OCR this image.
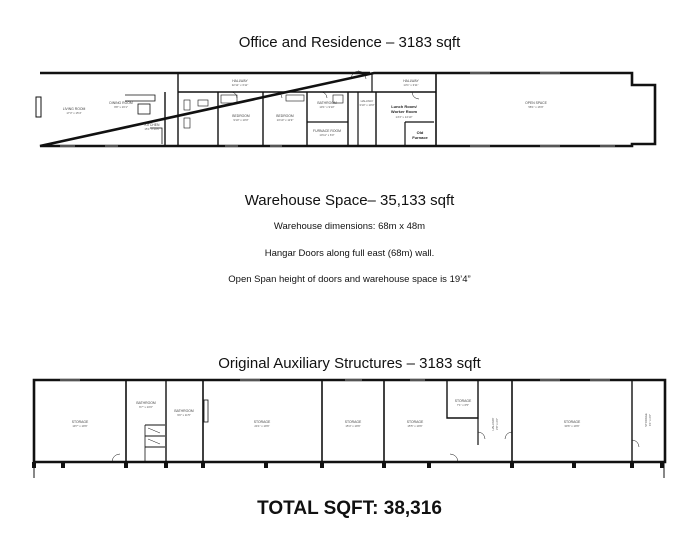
Office and Residence – 3183 sqft
Warehouse Space– 35,133 sqft
Warehouse dimensions: 68m x 48m
Hangar Doors along full east (68m) wall.
Open Span height of doors and warehouse space is 19’4”
Original Auxiliary Structures – 3183 sqft
TOTAL SQFT: 38,316
LIVING ROOM
17'3" x 15'4"
DINING ROOM
9'8" x 16'1"
KITCHEN
15'1" x 14'5"
HALLWAY
32'11" x 3'11"
BEDROOM
9'10" x 10'0"
BEDROOM
10'10" x 11'9"
BATHROOM
10'1" x 9'10"
FURNACE ROOM
10'11" x 6'0"
HALLWAY
3'10" x 10'0"
HALLWAY
13'1" x 3'11"
Lunch Room/
Worker Room
14'3" x 14'10"
Old
Furnace
OPEN SPACE
58'1" x 16'9"
STORAGE
19'7" x 19'6"
BATHROOM
6'7" x 10'0"
BATHROOM
9'0" x 11'5"
STORAGE
24'1" x 19'6"
STORAGE
15'4" x 19'6"
STORAGE
15'5" x 19'6"
STORAGE
7'1" x 6'5"
HALLWAY 3'8" x 6'6"	STORAGE
30'6" x 19'6"	STORAGE 6'1" x 6'6"
